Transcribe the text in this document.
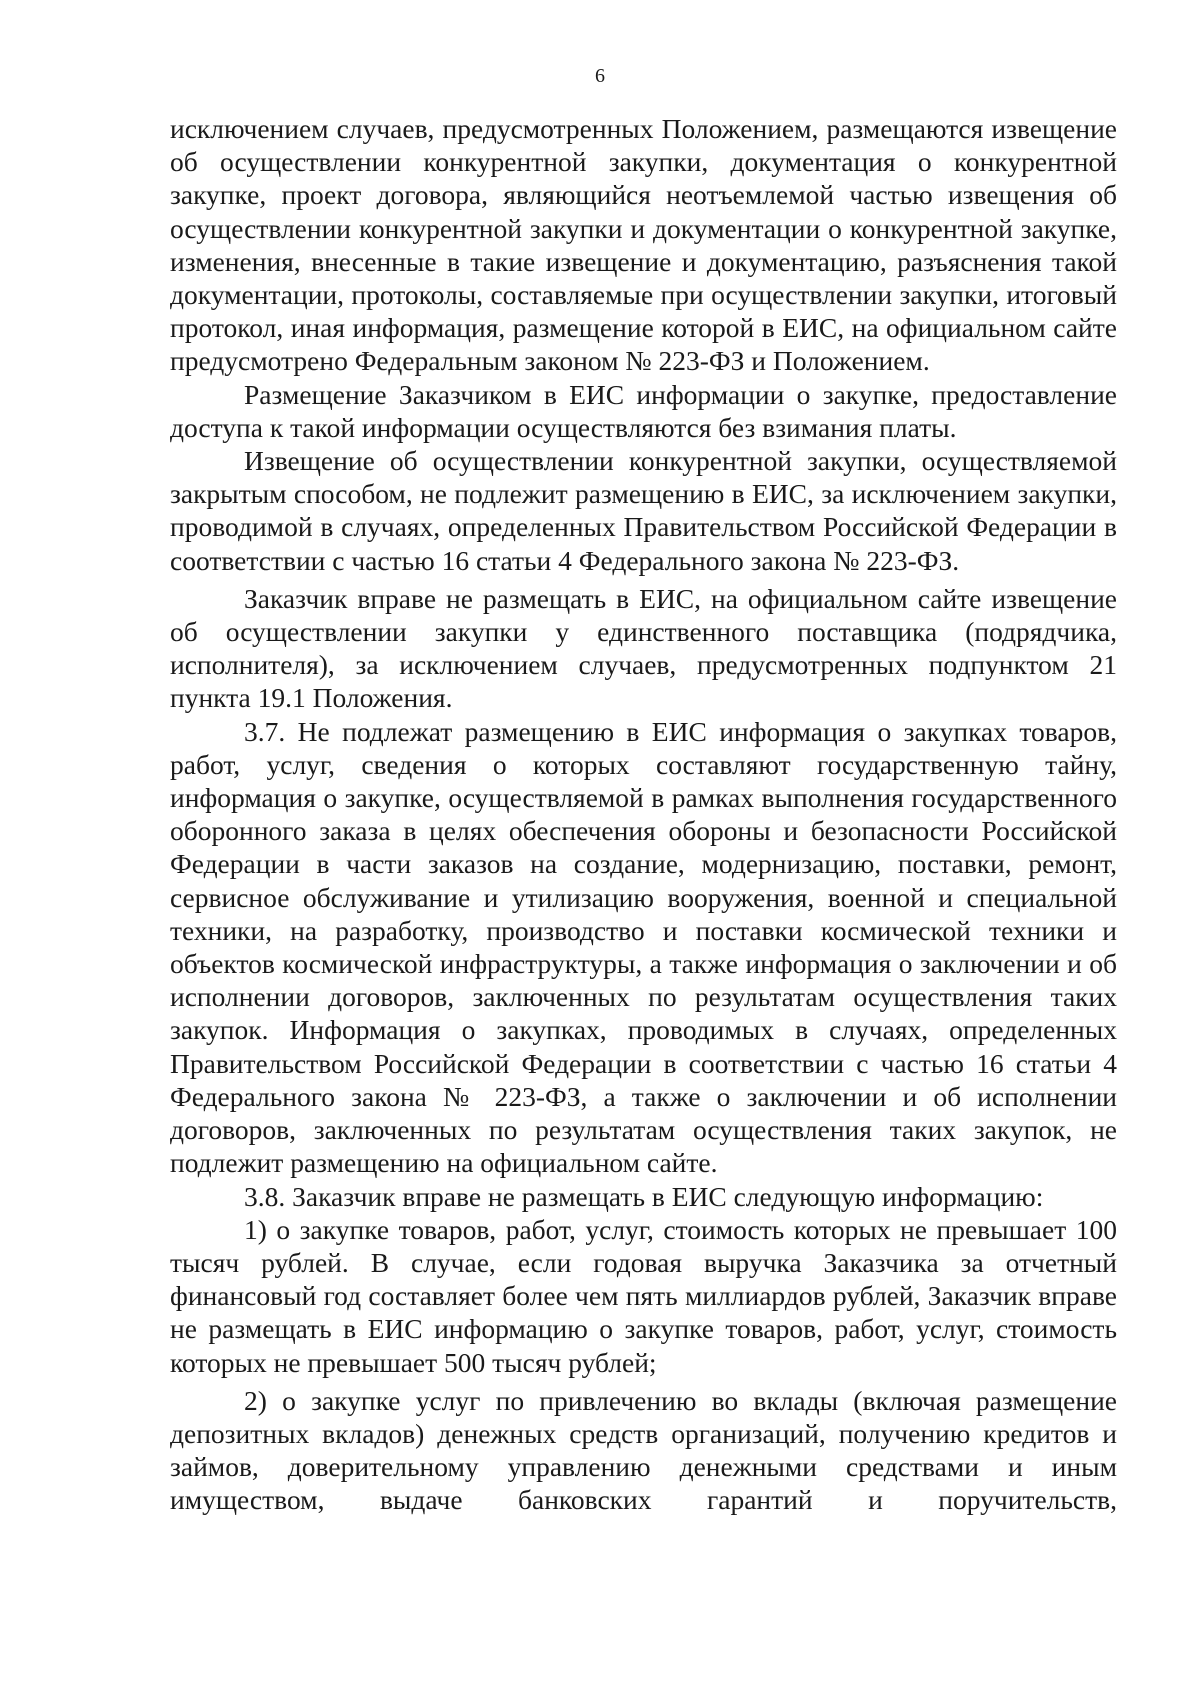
6

исключением случаев, предусмотренных Положением, размещаются извещение об осуществлении конкурентной закупки, документация о конкурентной закупке, проект договора, являющийся неотъемлемой частью извещения об осуществлении конкурентной закупки и документации о конкурентной закупке, изменения, внесенные в такие извещение и документацию, разъяснения такой документации, протоколы, составляемые при осуществлении закупки, итоговый протокол, иная информация, размещение которой в ЕИС, на официальном сайте предусмотрено Федеральным законом № 223-ФЗ и Положением.

Размещение Заказчиком в ЕИС информации о закупке, предоставление доступа к такой информации осуществляются без взимания платы.

Извещение об осуществлении конкурентной закупки, осуществляемой закрытым способом, не подлежит размещению в ЕИС, за исключением закупки, проводимой в случаях, определенных Правительством Российской Федерации в соответствии с частью 16 статьи 4 Федерального закона № 223-ФЗ.

Заказчик вправе не размещать в ЕИС, на официальном сайте извещение об осуществлении закупки у единственного поставщика (подрядчика, исполнителя), за исключением случаев, предусмотренных подпунктом 21 пункта 19.1 Положения.

3.7. Не подлежат размещению в ЕИС информация о закупках товаров, работ, услуг, сведения о которых составляют государственную тайну, информация о закупке, осуществляемой в рамках выполнения государственного оборонного заказа в целях обеспечения обороны и безопасности Российской Федерации в части заказов на создание, модернизацию, поставки, ремонт, сервисное обслуживание и утилизацию вооружения, военной и специальной техники, на разработку, производство и поставки космической техники и объектов космической инфраструктуры, а также информация о заключении и об исполнении договоров, заключенных по результатам осуществления таких закупок. Информация о закупках, проводимых в случаях, определенных Правительством Российской Федерации в соответствии с частью 16 статьи 4 Федерального закона № 223-ФЗ, а также о заключении и об исполнении договоров, заключенных по результатам осуществления таких закупок, не подлежит размещению на официальном сайте.

3.8. Заказчик вправе не размещать в ЕИС следующую информацию:

1) о закупке товаров, работ, услуг, стоимость которых не превышает 100 тысяч рублей. В случае, если годовая выручка Заказчика за отчетный финансовый год составляет более чем пять миллиардов рублей, Заказчик вправе не размещать в ЕИС информацию о закупке товаров, работ, услуг, стоимость которых не превышает 500 тысяч рублей;

2) о закупке услуг по привлечению во вклады (включая размещение депозитных вкладов) денежных средств организаций, получению кредитов и займов, доверительному управлению денежными средствами и иным имуществом, выдаче банковских гарантий и поручительств,
